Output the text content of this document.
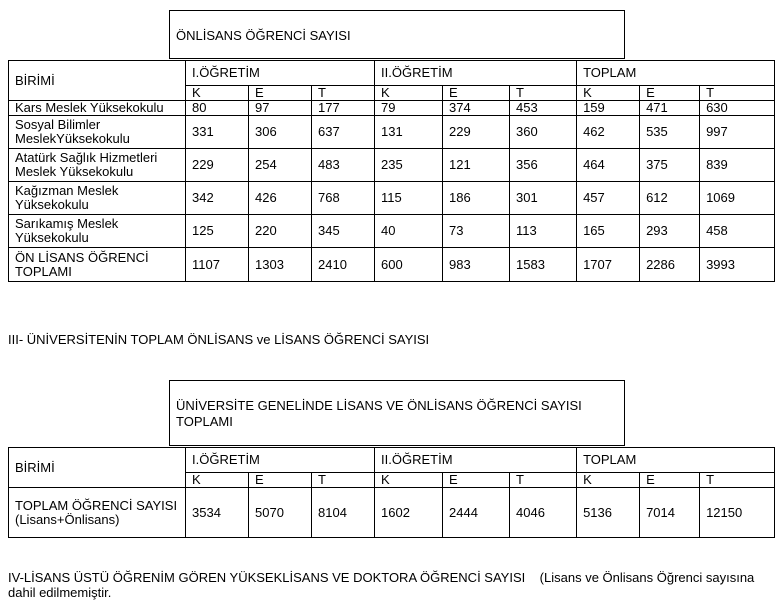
ÖNLİSANS ÖĞRENCİ SAYISI
BİRİMİ	I.ÖĞRETİM			II.ÖĞRETİM			TOPLAM		
	K	E	T	K	E	T	K	E	T
Kars Meslek Yüksekokulu	80	97	177	79	374	453	159	471	630
Sosyal Bilimler MeslekYüksekokulu	331	306	637	131	229	360	462	535	997
Atatürk Sağlık Hizmetleri Meslek Yüksekokulu	229	254	483	235	121	356	464	375	839
Kağızman Meslek Yüksekokulu	342	426	768	115	186	301	457	612	1069
Sarıkamış Meslek Yüksekokulu	125	220	345	40	73	113	165	293	458
ÖN LİSANS ÖĞRENCİ TOPLAMI	1107	1303	2410	600	983	1583	1707	2286	3993
III- ÜNİVERSİTENİN TOPLAM ÖNLİSANS ve LİSANS ÖĞRENCİ SAYISI
ÜNİVERSİTE GENELİNDE LİSANS VE ÖNLİSANS ÖĞRENCİ SAYISI TOPLAMI
BİRİMİ	I.ÖĞRETİM			II.ÖĞRETİM			TOPLAM		
	K	E	T	K	E	T	K	E	T
TOPLAM ÖĞRENCİ SAYISI (Lisans+Önlisans)	3534	5070	8104	1602	2444	4046	5136	7014	12150
IV-LİSANS ÜSTÜ ÖĞRENİM GÖREN YÜKSEKLİSANS VE DOKTORA ÖĞRENCİ SAYISI    (Lisans ve Önlisans Öğrenci sayısına dahil edilmemiştir.
